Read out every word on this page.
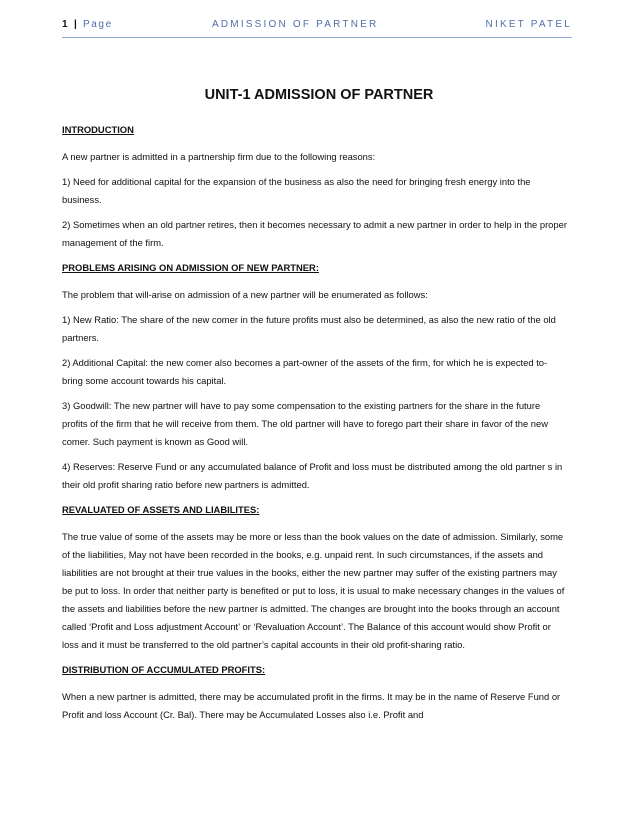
1 | Page	ADMISSION OF PARTNER	NIKET PATEL
UNIT-1 ADMISSION OF PARTNER

INTRODUCTION

A new partner is admitted in a partnership firm due to the following reasons:

1) Need for additional capital for the expansion of the business as also the need for bringing fresh energy into the business.

2) Sometimes when an old partner retires, then it becomes necessary to admit a new partner in order to help in the proper management of the firm.

PROBLEMS ARISING ON ADMISSION OF NEW PARTNER:

The problem that will-arise on admission of a new partner will be enumerated as follows:

1) New Ratio: The share of the new comer in the future profits must also be determined, as also the new ratio of the old partners.

2) Additional Capital: the new comer also becomes a part-owner of the assets of the firm, for which he is expected to-bring some account towards his capital.

3) Goodwill: The new partner will have to pay some compensation to the existing partners for the share in the future profits of the firm that he will receive from them. The old partner will have to forego part their share in favor of the new comer. Such payment is known as Good will.

4) Reserves: Reserve Fund or any accumulated balance of Profit and loss must be distributed among the old partner s in their old profit sharing ratio before new partners is admitted.

REVALUATED OF ASSETS AND LIABILITES:

The true value of some of the assets may be more or less than the book values on the date of admission. Similarly, some of the liabilities, May not have been recorded in the books, e.g. unpaid rent. In such circumstances, if the assets and liabilities are not brought at their true values in the books, either the new partner may suffer of the existing partners may be put to loss. In order that neither party is benefited or put to loss, it is usual to make necessary changes in the values of the assets and liabilities before the new partner is admitted. The changes are brought into the books through an account called ‘Profit and Loss adjustment Account’ or ‘Revaluation Account’. The Balance of this account would show Profit or loss and it must be transferred to the old partner’s capital accounts in their old profit-sharing ratio.

DISTRIBUTION OF ACCUMULATED PROFITS:

When a new partner is admitted, there may be accumulated profit in the firms. It may be in the name of Reserve Fund or Profit and loss Account (Cr. Bal). There may be Accumulated Losses also i.e. Profit and
